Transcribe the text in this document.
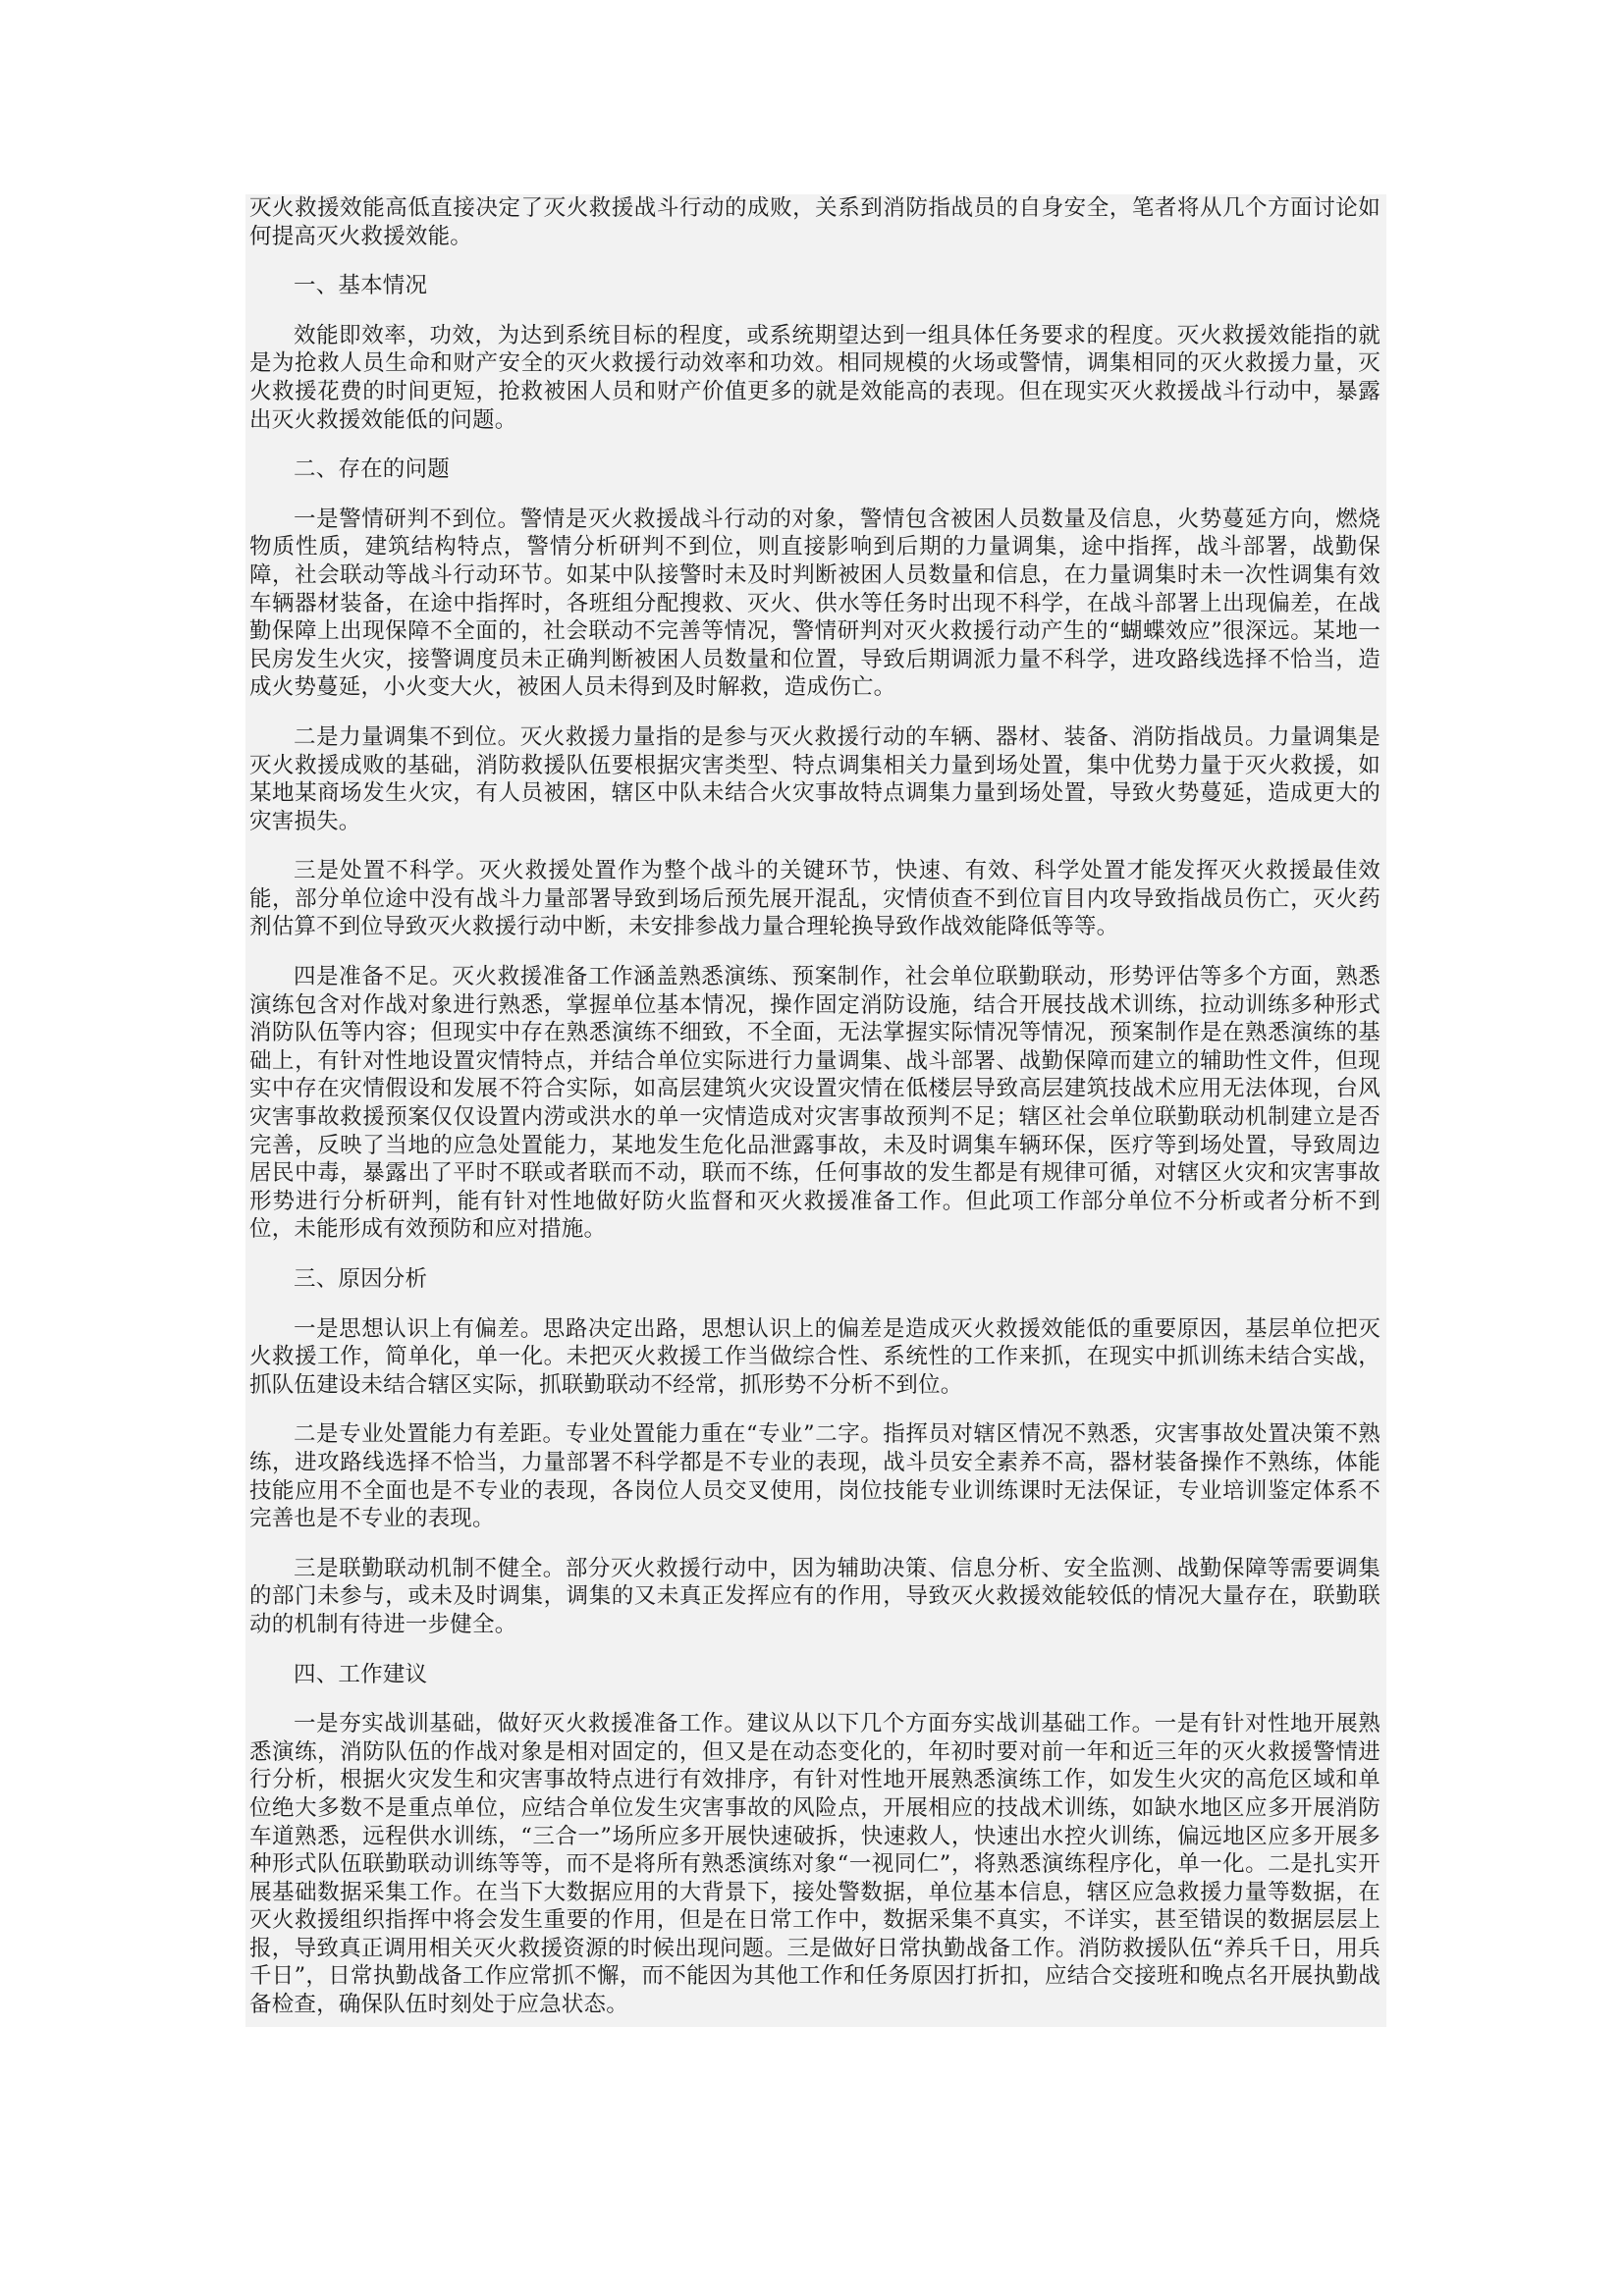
灭火救援效能高低直接决定了灭火救援战斗行动的成败，关系到消防指战员的自身安全，笔者将从几个方面讨论如何提高灭火救援效能。

一、基本情况

效能即效率，功效，为达到系统目标的程度，或系统期望达到一组具体任务要求的程度。灭火救援效能指的就是为抢救人员生命和财产安全的灭火救援行动效率和功效。相同规模的火场或警情，调集相同的灭火救援力量，灭火救援花费的时间更短，抢救被困人员和财产价值更多的就是效能高的表现。但在现实灭火救援战斗行动中，暴露出灭火救援效能低的问题。

二、存在的问题

一是警情研判不到位。警情是灭火救援战斗行动的对象，警情包含被困人员数量及信息，火势蔓延方向，燃烧物质性质，建筑结构特点，警情分析研判不到位，则直接影响到后期的力量调集，途中指挥，战斗部署，战勤保障，社会联动等战斗行动环节。如某中队接警时未及时判断被困人员数量和信息，在力量调集时未一次性调集有效车辆器材装备，在途中指挥时，各班组分配搜救、灭火、供水等任务时出现不科学，在战斗部署上出现偏差，在战勤保障上出现保障不全面的，社会联动不完善等情况，警情研判对灭火救援行动产生的“蝴蝶效应”很深远。某地一民房发生火灾，接警调度员未正确判断被困人员数量和位置，导致后期调派力量不科学，进攻路线选择不恰当，造成火势蔓延，小火变大火，被困人员未得到及时解救，造成伤亡。

二是力量调集不到位。灭火救援力量指的是参与灭火救援行动的车辆、器材、装备、消防指战员。力量调集是灭火救援成败的基础，消防救援队伍要根据灾害类型、特点调集相关力量到场处置，集中优势力量于灭火救援，如某地某商场发生火灾，有人员被困，辖区中队未结合火灾事故特点调集力量到场处置，导致火势蔓延，造成更大的灾害损失。

三是处置不科学。灭火救援处置作为整个战斗的关键环节，快速、有效、科学处置才能发挥灭火救援最佳效能，部分单位途中没有战斗力量部署导致到场后预先展开混乱，灾情侦查不到位盲目内攻导致指战员伤亡，灭火药剂估算不到位导致灭火救援行动中断，未安排参战力量合理轮换导致作战效能降低等等。

四是准备不足。灭火救援准备工作涵盖熟悉演练、预案制作，社会单位联勤联动，形势评估等多个方面，熟悉演练包含对作战对象进行熟悉，掌握单位基本情况，操作固定消防设施，结合开展技战术训练，拉动训练多种形式消防队伍等内容；但现实中存在熟悉演练不细致，不全面，无法掌握实际情况等情况，预案制作是在熟悉演练的基础上，有针对性地设置灾情特点，并结合单位实际进行力量调集、战斗部署、战勤保障而建立的辅助性文件，但现实中存在灾情假设和发展不符合实际，如高层建筑火灾设置灾情在低楼层导致高层建筑技战术应用无法体现，台风灾害事故救援预案仅仅设置内涝或洪水的单一灾情造成对灾害事故预判不足；辖区社会单位联勤联动机制建立是否完善，反映了当地的应急处置能力，某地发生危化品泄露事故，未及时调集车辆环保，医疗等到场处置，导致周边居民中毒，暴露出了平时不联或者联而不动，联而不练，任何事故的发生都是有规律可循，对辖区火灾和灾害事故形势进行分析研判，能有针对性地做好防火监督和灭火救援准备工作。但此项工作部分单位不分析或者分析不到位，未能形成有效预防和应对措施。

三、原因分析

一是思想认识上有偏差。思路决定出路，思想认识上的偏差是造成灭火救援效能低的重要原因，基层单位把灭火救援工作，简单化，单一化。未把灭火救援工作当做综合性、系统性的工作来抓，在现实中抓训练未结合实战，抓队伍建设未结合辖区实际，抓联勤联动不经常，抓形势不分析不到位。

二是专业处置能力有差距。专业处置能力重在“专业”二字。指挥员对辖区情况不熟悉，灾害事故处置决策不熟练，进攻路线选择不恰当，力量部署不科学都是不专业的表现，战斗员安全素养不高，器材装备操作不熟练，体能技能应用不全面也是不专业的表现，各岗位人员交叉使用，岗位技能专业训练课时无法保证，专业培训鉴定体系不完善也是不专业的表现。

三是联勤联动机制不健全。部分灭火救援行动中，因为辅助决策、信息分析、安全监测、战勤保障等需要调集的部门未参与，或未及时调集，调集的又未真正发挥应有的作用，导致灭火救援效能较低的情况大量存在，联勤联动的机制有待进一步健全。

四、工作建议

一是夯实战训基础，做好灭火救援准备工作。建议从以下几个方面夯实战训基础工作。一是有针对性地开展熟悉演练，消防队伍的作战对象是相对固定的，但又是在动态变化的，年初时要对前一年和近三年的灭火救援警情进行分析，根据火灾发生和灾害事故特点进行有效排序，有针对性地开展熟悉演练工作，如发生火灾的高危区域和单位绝大多数不是重点单位，应结合单位发生灾害事故的风险点，开展相应的技战术训练，如缺水地区应多开展消防车道熟悉，远程供水训练，“三合一”场所应多开展快速破拆，快速救人，快速出水控火训练，偏远地区应多开展多种形式队伍联勤联动训练等等，而不是将所有熟悉演练对象“一视同仁”，将熟悉演练程序化，单一化。二是扎实开展基础数据采集工作。在当下大数据应用的大背景下，接处警数据，单位基本信息，辖区应急救援力量等数据，在灭火救援组织指挥中将会发生重要的作用，但是在日常工作中，数据采集不真实，不详实，甚至错误的数据层层上报，导致真正调用相关灭火救援资源的时候出现问题。三是做好日常执勤战备工作。消防救援队伍“养兵千日，用兵千日”，日常执勤战备工作应常抓不懈，而不能因为其他工作和任务原因打折扣，应结合交接班和晚点名开展执勤战备检查，确保队伍时刻处于应急状态。
